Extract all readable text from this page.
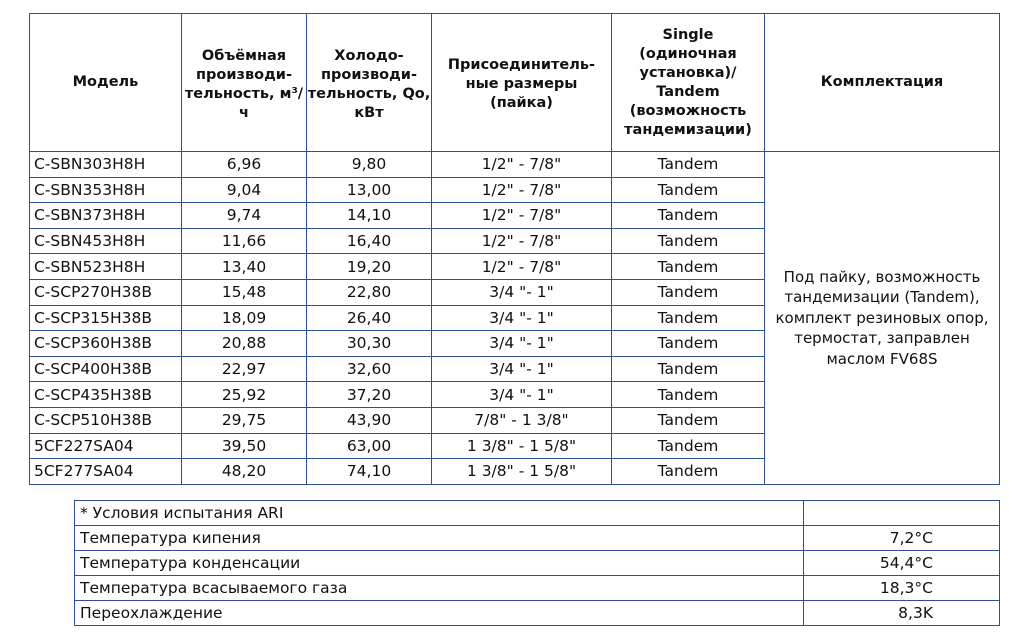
Модель	Объёмная производи-тельность, м³/ч	Холодо-производи-тельность, Qo, кВт	Присоединитель-ные размеры (пайка)	Single (одиночная установка)/ Tandem (возможность тандемизации)	Комплектация
C-SBN303H8H	6,96	9,80	1/2" - 7/8"	Tandem	Под пайку, возможность тандемизации (Tandem), комплект резиновых опор, термостат, заправлен маслом FV68S
C-SBN353H8H	9,04	13,00	1/2" - 7/8"	Tandem	
C-SBN373H8H	9,74	14,10	1/2" - 7/8"	Tandem	
C-SBN453H8H	11,66	16,40	1/2" - 7/8"	Tandem	
C-SBN523H8H	13,40	19,20	1/2" - 7/8"	Tandem	
C-SCP270H38B	15,48	22,80	3/4 "- 1"	Tandem	
C-SCP315H38B	18,09	26,40	3/4 "- 1"	Tandem	
C-SCP360H38B	20,88	30,30	3/4 "- 1"	Tandem	
C-SCP400H38B	22,97	32,60	3/4 "- 1"	Tandem	
C-SCP435H38B	25,92	37,20	3/4 "- 1"	Tandem	
C-SCP510H38B	29,75	43,90	7/8" - 1 3/8"	Tandem	
5CF227SA04	39,50	63,00	1 3/8" - 1 5/8"	Tandem	
5CF277SA04	48,20	74,10	1 3/8" - 1 5/8"	Tandem	
* Условия испытания ARI	
Температура кипения	7,2°C
Температура конденсации	54,4°C
Температура всасываемого газа	18,3°C
Переохлаждение	8,3K
